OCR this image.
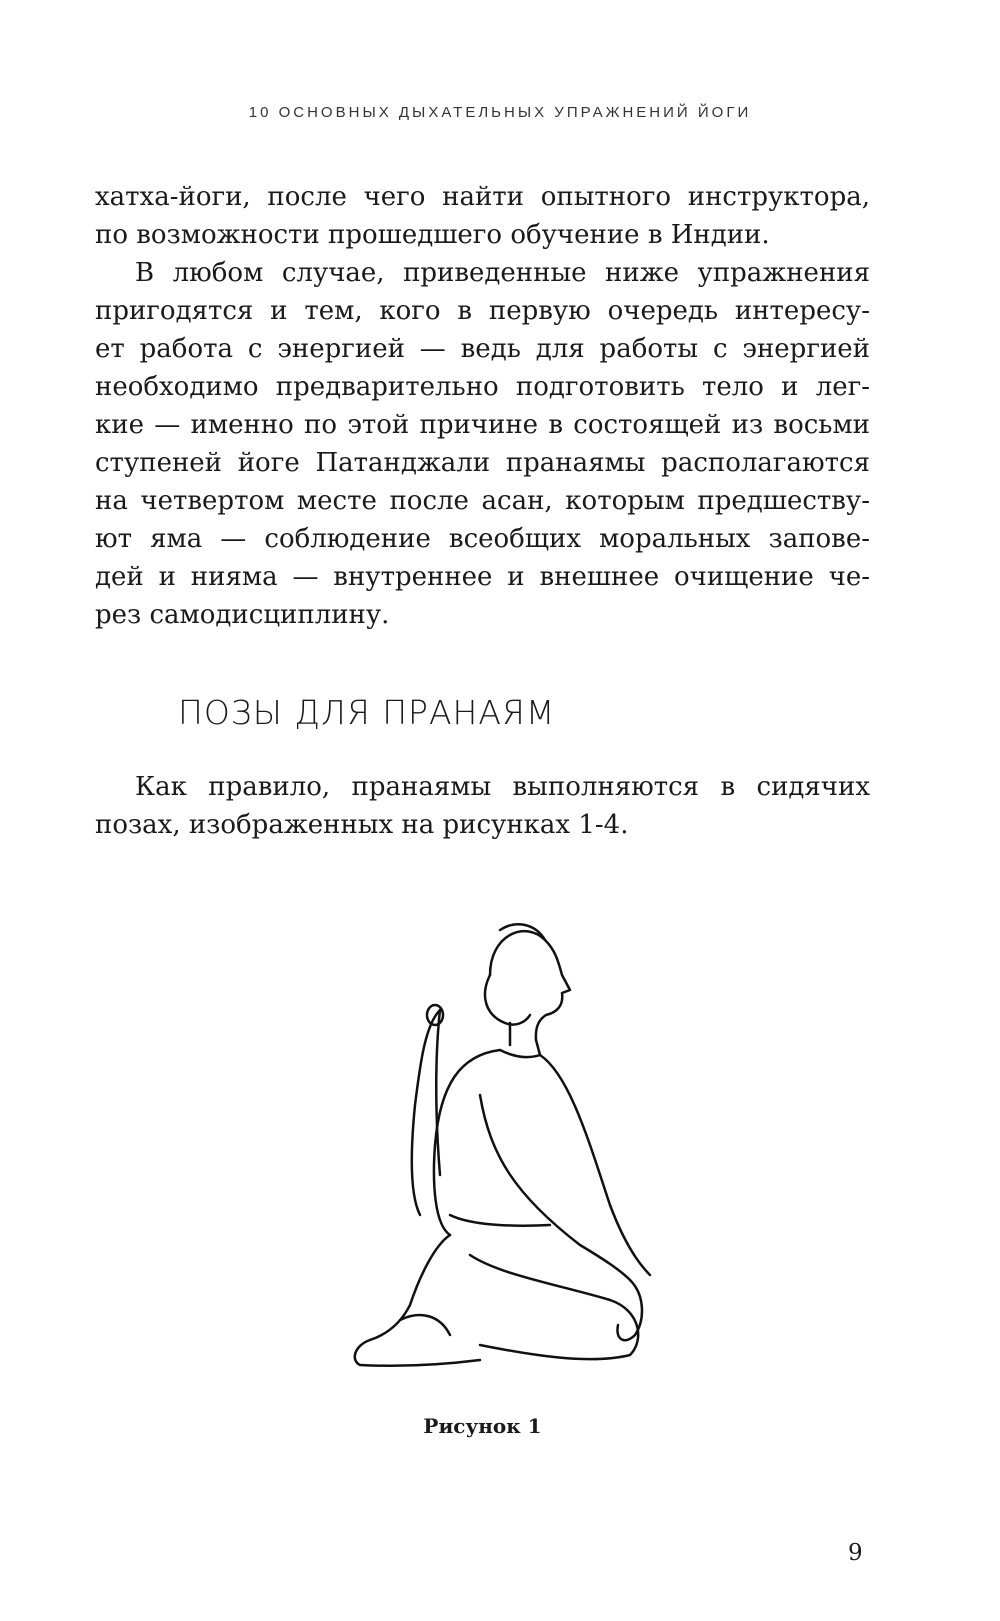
10 ОСНОВНЫХ ДЫХАТЕЛЬНЫХ УПРАЖНЕНИЙ ЙОГИ
хатха-йоги, после чего найти опытного инструктора,
по возможности прошедшего обучение в Индии.
В любом случае, приведенные ниже упражнения
пригодятся и тем, кого в первую очередь интересу-
ет работа с энергией — ведь для работы с энергией
необходимо предварительно подготовить тело и лег-
кие — именно по этой причине в состоящей из восьми
ступеней йоге Патанджали пранаямы располагаются
на четвертом месте после асан, которым предшеству-
ют яма — соблюдение всеобщих моральных запове-
дей и нияма — внутреннее и внешнее очищение че-
рез самодисциплину.
ПОЗЫ ДЛЯ ПРАНАЯМ
Как правило, пранаямы выполняются в сидячих
позах, изображенных на рисунках 1-4.
Рисунок 1
9
